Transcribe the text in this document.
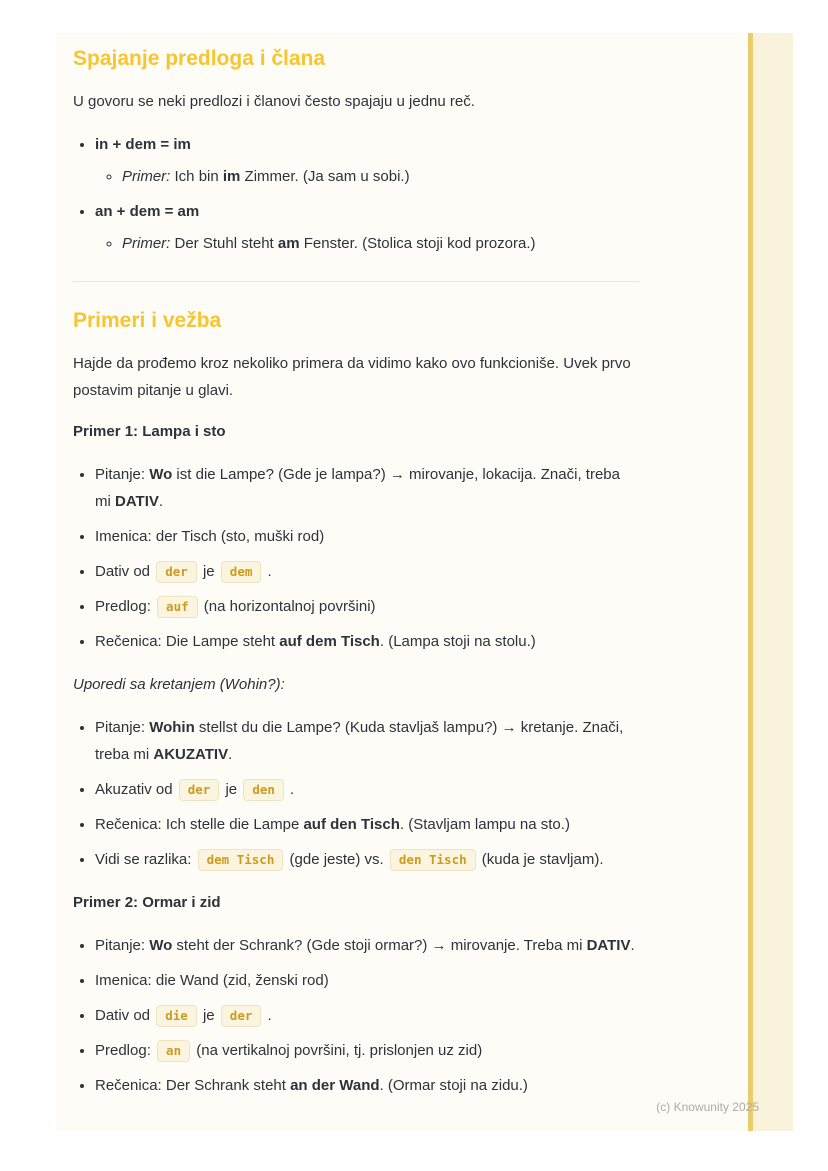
Spajanje predloga i člana

U govoru se neki predlozi i članovi često spajaju u jednu reč.

• in + dem = im
◦ Primer: Ich bin im Zimmer. (Ja sam u sobi.)
• an + dem = am
◦ Primer: Der Stuhl steht am Fenster. (Stolica stoji kod prozora.)
Primeri i vežba

Hajde da prođemo kroz nekoliko primera da vidimo kako ovo funkcioniše. Uvek prvo postavim pitanje u glavi.

Primer 1: Lampa i sto

• Pitanje: Wo ist die Lampe? (Gde je lampa?) → mirovanje, lokacija. Znači, treba mi DATIV.
• Imenica: der Tisch (sto, muški rod)
• Dativ od der je dem .
• Predlog: auf (na horizontalnoj površini)
• Rečenica: Die Lampe steht auf dem Tisch. (Lampa stoji na stolu.)

Uporedi sa kretanjem (Wohin?):

• Pitanje: Wohin stellst du die Lampe? (Kuda stavljaš lampu?) → kretanje. Znači, treba mi AKUZATIV.
• Akuzativ od der je den .
• Rečenica: Ich stelle die Lampe auf den Tisch. (Stavljam lampu na sto.)
• Vidi se razlika: dem Tisch (gde jeste) vs. den Tisch (kuda je stavljam).

Primer 2: Ormar i zid

• Pitanje: Wo steht der Schrank? (Gde stoji ormar?) → mirovanje. Treba mi DATIV.
• Imenica: die Wand (zid, ženski rod)
• Dativ od die je der .
• Predlog: an (na vertikalnoj površini, tj. prislonjen uz zid)
• Rečenica: Der Schrank steht an der Wand. (Ormar stoji na zidu.)
(c) Knowunity 2025
